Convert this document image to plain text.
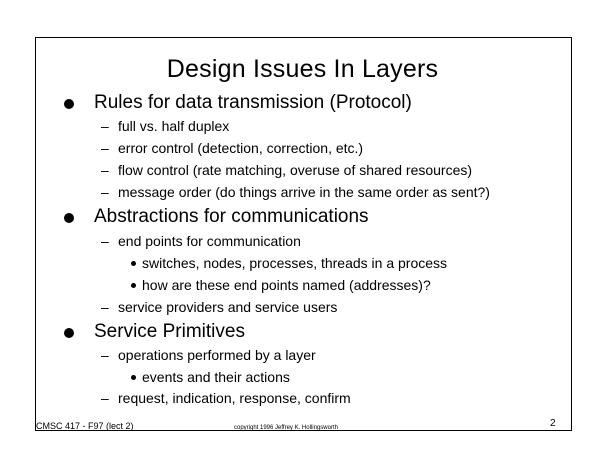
Design Issues In Layers
Rules for data transmission (Protocol)
– full vs. half duplex
– error control (detection, correction, etc.)
– flow control (rate matching, overuse of shared resources)
– message order (do things arrive in the same order as sent?)
Abstractions for communications
– end points for communication
switches, nodes, processes, threads in a process
how are these end points named (addresses)?
– service providers and service users
Service Primitives
– operations performed by a layer
events and their actions
– request, indication, response, confirm
CMSC 417 - F97 (lect 2)	copyright 1996 Jeffrey K. Hollingsworth	2
